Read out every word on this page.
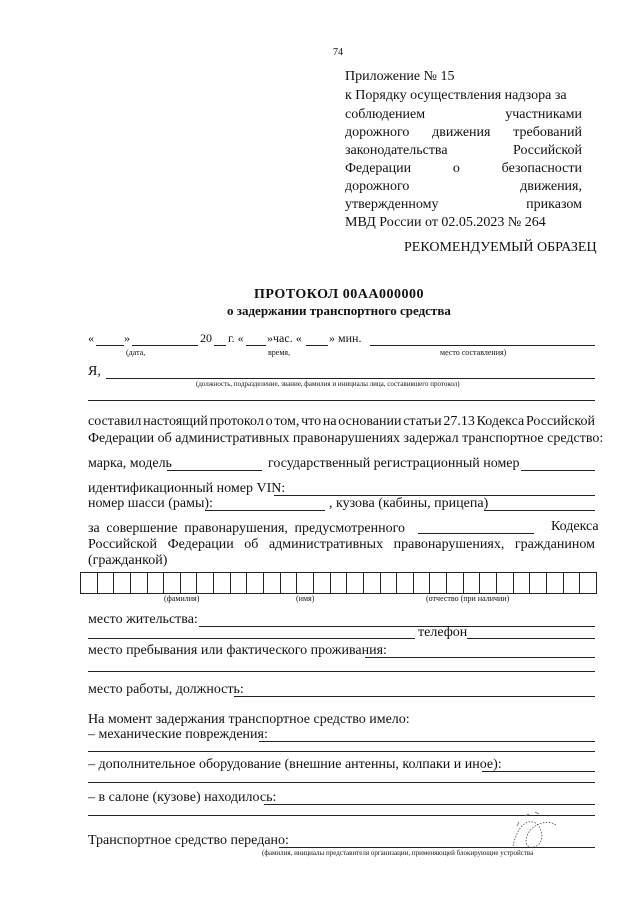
74
Приложение № 15
к Порядку осуществления надзора за
соблюдением	участниками
дорожного движения требований
законодательства	Российской
Федерации	о	безопасности
дорожного	движения,
утвержденному	приказом
МВД России от 02.05.2023 № 264
РЕКОМЕНДУЕМЫЙ ОБРАЗЕЦ
ПРОТОКОЛ 00АА000000
о задержании транспортного средства
«	»	20 г. « »час. « » мин.
(дата,	время,	место составления)
Я,
(должность, подразделение, звание, фамилия и инициалы лица, составившего протокол)
составил настоящий протокол о том, что на основании статьи 27.13 Кодекса Российской
Федерации об административных правонарушениях задержал транспортное средство:
марка, модель	государственный регистрационный номер
идентификационный номер VIN:
номер шасси (рамы):	, кузова (кабины, прицепа)
за совершение правонарушения, предусмотренного	Кодекса
Российской Федерации об административных правонарушениях, гражданином
(гражданкой)
(фамилия)	(имя)	(отчество (при наличии)
место жительства:
телефон
место пребывания или фактического проживания:
место работы, должность:
На момент задержания транспортное средство имело:
– механические повреждения:
– дополнительное оборудование (внешние антенны, колпаки и иное):
– в салоне (кузове) находилось:
Транспортное средство передано:
(фамилия, инициалы представителя организации, применяющей блокирующие устройства
